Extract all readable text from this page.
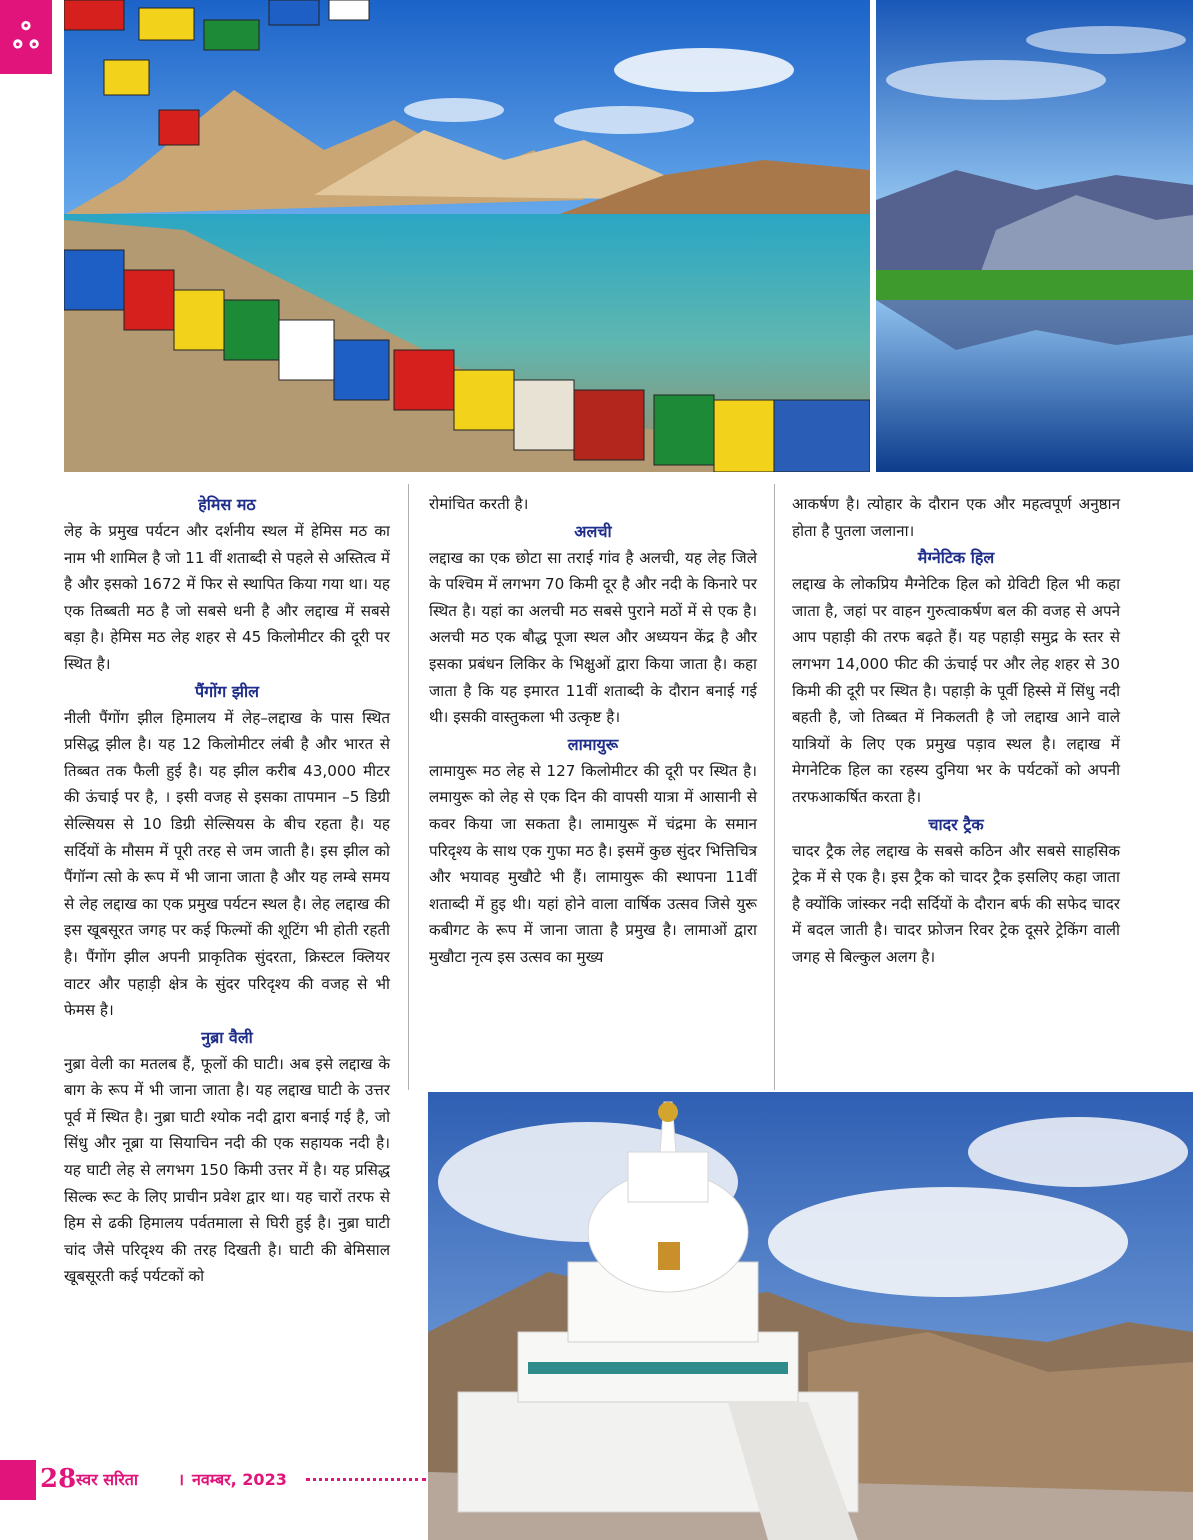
ஃ
हेमिस मठ

लेह के प्रमुख पर्यटन और दर्शनीय स्थल में हेमिस मठ का नाम भी शामिल है जो 11 वीं शताब्दी से पहले से अस्तित्व में है और इसको 1672 में फिर से स्थापित किया गया था। यह एक तिब्बती मठ है जो सबसे धनी है और लद्दाख में सबसे बड़ा है। हेमिस मठ लेह शहर से 45 किलोमीटर की दूरी पर स्थित है।

पैंगोंग झील

नीली पैंगोंग झील हिमालय में लेह–लद्दाख के पास स्थित प्रसिद्ध झील है। यह 12 किलोमीटर लंबी है और भारत से तिब्बत तक फैली हुई है। यह झील करीब 43,000 मीटर की ऊंचाई पर है, । इसी वजह से इसका तापमान –5 डिग्री सेल्सियस से 10 डिग्री सेल्सियस के बीच रहता है। यह सर्दियों के मौसम में पूरी तरह से जम जाती है। इस झील को पैंगॉन्ग त्सो के रूप में भी जाना जाता है और यह लम्बे समय से लेह लद्दाख का एक प्रमुख पर्यटन स्थल है। लेह लद्दाख की इस खूबसूरत जगह पर कई फिल्मों की शूटिंग भी होती रहती है। पैंगोंग झील अपनी प्राकृतिक सुंदरता, क्रिस्टल क्लियर वाटर और पहाड़ी क्षेत्र के सुंदर परिदृश्य की वजह से भी फेमस है।

नुब्रा वैली

नुब्रा वेली का मतलब हैं, फूलों की घाटी। अब इसे लद्दाख के बाग के रूप में भी जाना जाता है। यह लद्दाख घाटी के उत्तर पूर्व में स्थित है। नुब्रा घाटी श्योक नदी द्वारा बनाई गई है, जो सिंधु और नूब्रा या सियाचिन नदी की एक सहायक नदी है। यह घाटी लेह से लगभग 150 किमी उत्तर में है। यह प्रसिद्ध सिल्क रूट के लिए प्राचीन प्रवेश द्वार था। यह चारों तरफ से हिम से ढकी हिमालय पर्वतमाला से घिरी हुई है। नुब्रा घाटी चांद जैसे परिदृश्य की तरह दिखती है। घाटी की बेमिसाल खूबसूरती कई पर्यटकों को

रोमांचित करती है।

अलची

लद्दाख का एक छोटा सा तराई गांव है अलची, यह लेह जिले के पश्चिम में लगभग 70 किमी दूर है और नदी के किनारे पर स्थित है। यहां का अलची मठ सबसे पुराने मठों में से एक है। अलची मठ एक बौद्ध पूजा स्थल और अध्ययन केंद्र है और इसका प्रबंधन लिकिर के भिक्षुओं द्वारा किया जाता है। कहा जाता है कि यह इमारत 11वीं शताब्दी के दौरान बनाई गई थी। इसकी वास्तुकला भी उत्कृष्ट है।

लामायुरू

लामायुरू मठ लेह से 127 किलोमीटर की दूरी पर स्थित है। लमायुरू को लेह से एक दिन की वापसी यात्रा में आसानी से कवर किया जा सकता है। लामायुरू में चंद्रमा के समान परिदृश्य के साथ एक गुफा मठ है। इसमें कुछ सुंदर भित्तिचित्र और भयावह मुखौटे भी हैं। लामायुरू की स्थापना 11वीं शताब्दी में हुइ थी। यहां होने वाला वार्षिक उत्सव जिसे युरू कबीगट के रूप में जाना जाता है प्रमुख है। लामाओं द्वारा मुखौटा नृत्य इस उत्सव का मुख्य

आकर्षण है। त्योहार के दौरान एक और महत्वपूर्ण अनुष्ठान होता है पुतला जलाना।

मैग्नेटिक हिल

लद्दाख के लोकप्रिय मैग्नेटिक हिल को ग्रेविटी हिल भी कहा जाता है, जहां पर वाहन गुरुत्वाकर्षण बल की वजह से अपने आप पहाड़ी की तरफ बढ़ते हैं। यह पहाड़ी समुद्र के स्तर से लगभग 14,000 फीट की ऊंचाई पर और लेह शहर से 30 किमी की दूरी पर स्थित है। पहाड़ी के पूर्वी हिस्से में सिंधु नदी बहती है, जो तिब्बत में निकलती है जो लद्दाख आने वाले यात्रियों के लिए एक प्रमुख पड़ाव स्थल है। लद्दाख में मेगनेटिक हिल का रहस्य दुनिया भर के पर्यटकों को अपनी तरफआकर्षित करता है।

चादर ट्रैक

चादर ट्रैक लेह लद्दाख के सबसे कठिन और सबसे साहसिक ट्रेक में से एक है। इस ट्रैक को चादर ट्रैक इसलिए कहा जाता है क्योंकि जांस्कर नदी सर्दियों के दौरान बर्फ की सफेद चादर में बदल जाती है। चादर फ्रोजन रिवर ट्रेक दूसरे ट्रेकिंग वाली जगह से बिल्कुल अलग है।

28 स्वर सरिता । नवम्बर, 2023
